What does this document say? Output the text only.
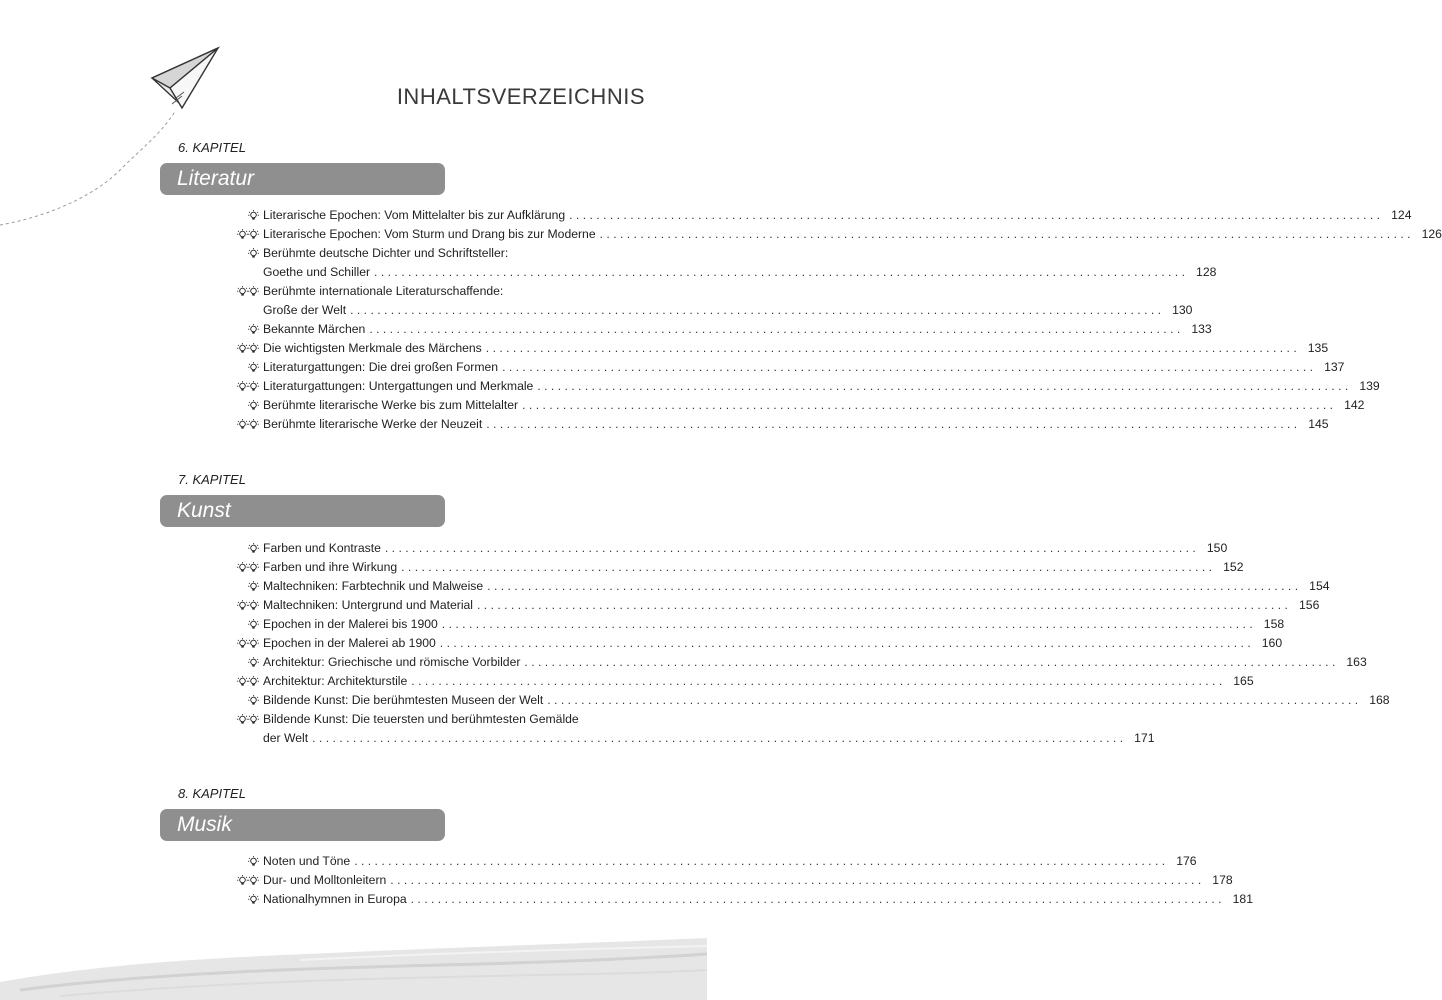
INHALTSVERZEICHNIS
6. KAPITEL
Literatur
Literarische Epochen: Vom Mittelalter bis zur Aufklärung ........................................................................................................................ 124
Literarische Epochen: Vom Sturm und Drang bis zur Moderne ........................................................................................................................ 126
Berühmte deutsche Dichter und Schriftsteller:
Goethe und Schiller ........................................................................................................................ 128
Berühmte internationale Literaturschaffende:
Große der Welt ........................................................................................................................ 130
Bekannte Märchen ........................................................................................................................ 133
Die wichtigsten Merkmale des Märchens ........................................................................................................................ 135
Literaturgattungen: Die drei großen Formen ........................................................................................................................ 137
Literaturgattungen: Untergattungen und Merkmale ........................................................................................................................ 139
Berühmte literarische Werke bis zum Mittelalter ........................................................................................................................ 142
Berühmte literarische Werke der Neuzeit ........................................................................................................................ 145
7. KAPITEL
Kunst
Farben und Kontraste ........................................................................................................................ 150
Farben und ihre Wirkung ........................................................................................................................ 152
Maltechniken: Farbtechnik und Malweise ........................................................................................................................ 154
Maltechniken: Untergrund und Material ........................................................................................................................ 156
Epochen in der Malerei bis 1900 ........................................................................................................................ 158
Epochen in der Malerei ab 1900 ........................................................................................................................ 160
Architektur: Griechische und römische Vorbilder ........................................................................................................................ 163
Architektur: Architekturstile ........................................................................................................................ 165
Bildende Kunst: Die berühmtesten Museen der Welt ........................................................................................................................ 168
Bildende Kunst: Die teuersten und berühmtesten Gemälde
der Welt ........................................................................................................................ 171
8. KAPITEL
Musik
Noten und Töne ........................................................................................................................ 176
Dur- und Molltonleitern ........................................................................................................................ 178
Nationalhymnen in Europa ........................................................................................................................ 181
